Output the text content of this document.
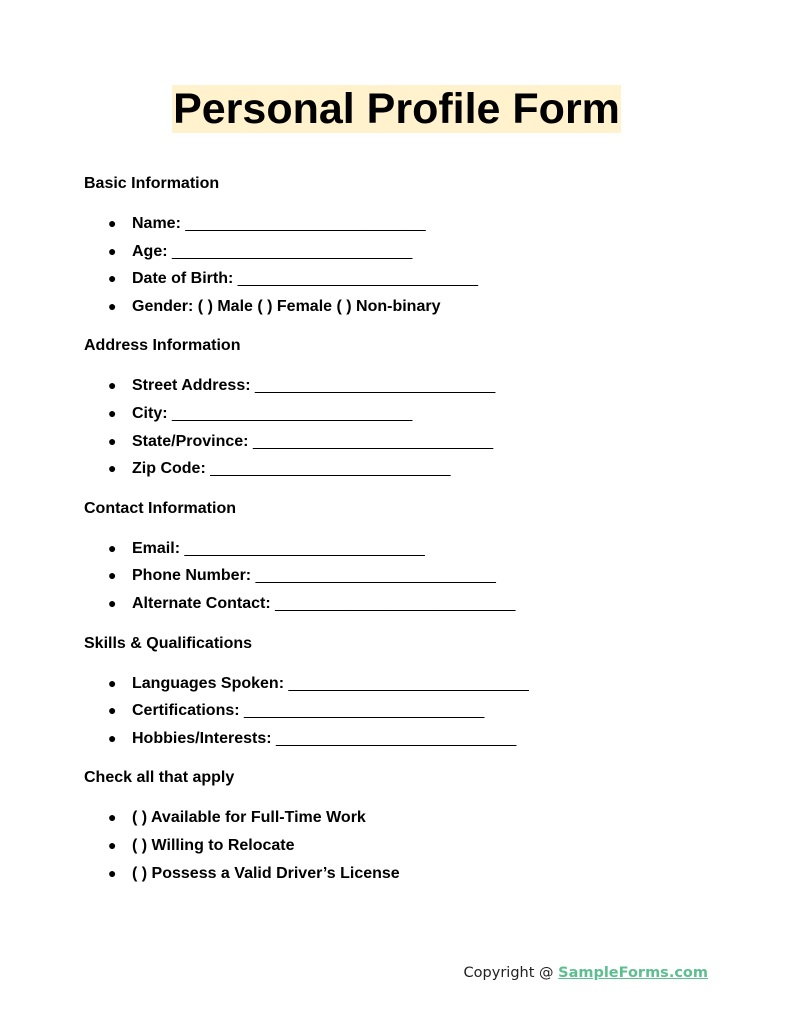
Personal Profile Form

Basic Information

● Name: ___________________________
● Age: ___________________________
● Date of Birth: ___________________________
● Gender: ( ) Male ( ) Female ( ) Non-binary

Address Information

● Street Address: ___________________________
● City: ___________________________
● State/Province: ___________________________
● Zip Code: ___________________________

Contact Information

● Email: ___________________________
● Phone Number: ___________________________
● Alternate Contact: ___________________________

Skills & Qualifications

● Languages Spoken: ___________________________
● Certifications: ___________________________
● Hobbies/Interests: ___________________________

Check all that apply

● ( ) Available for Full-Time Work
● ( ) Willing to Relocate
● ( ) Possess a Valid Driver’s License
Copyright @ SampleForms.com
